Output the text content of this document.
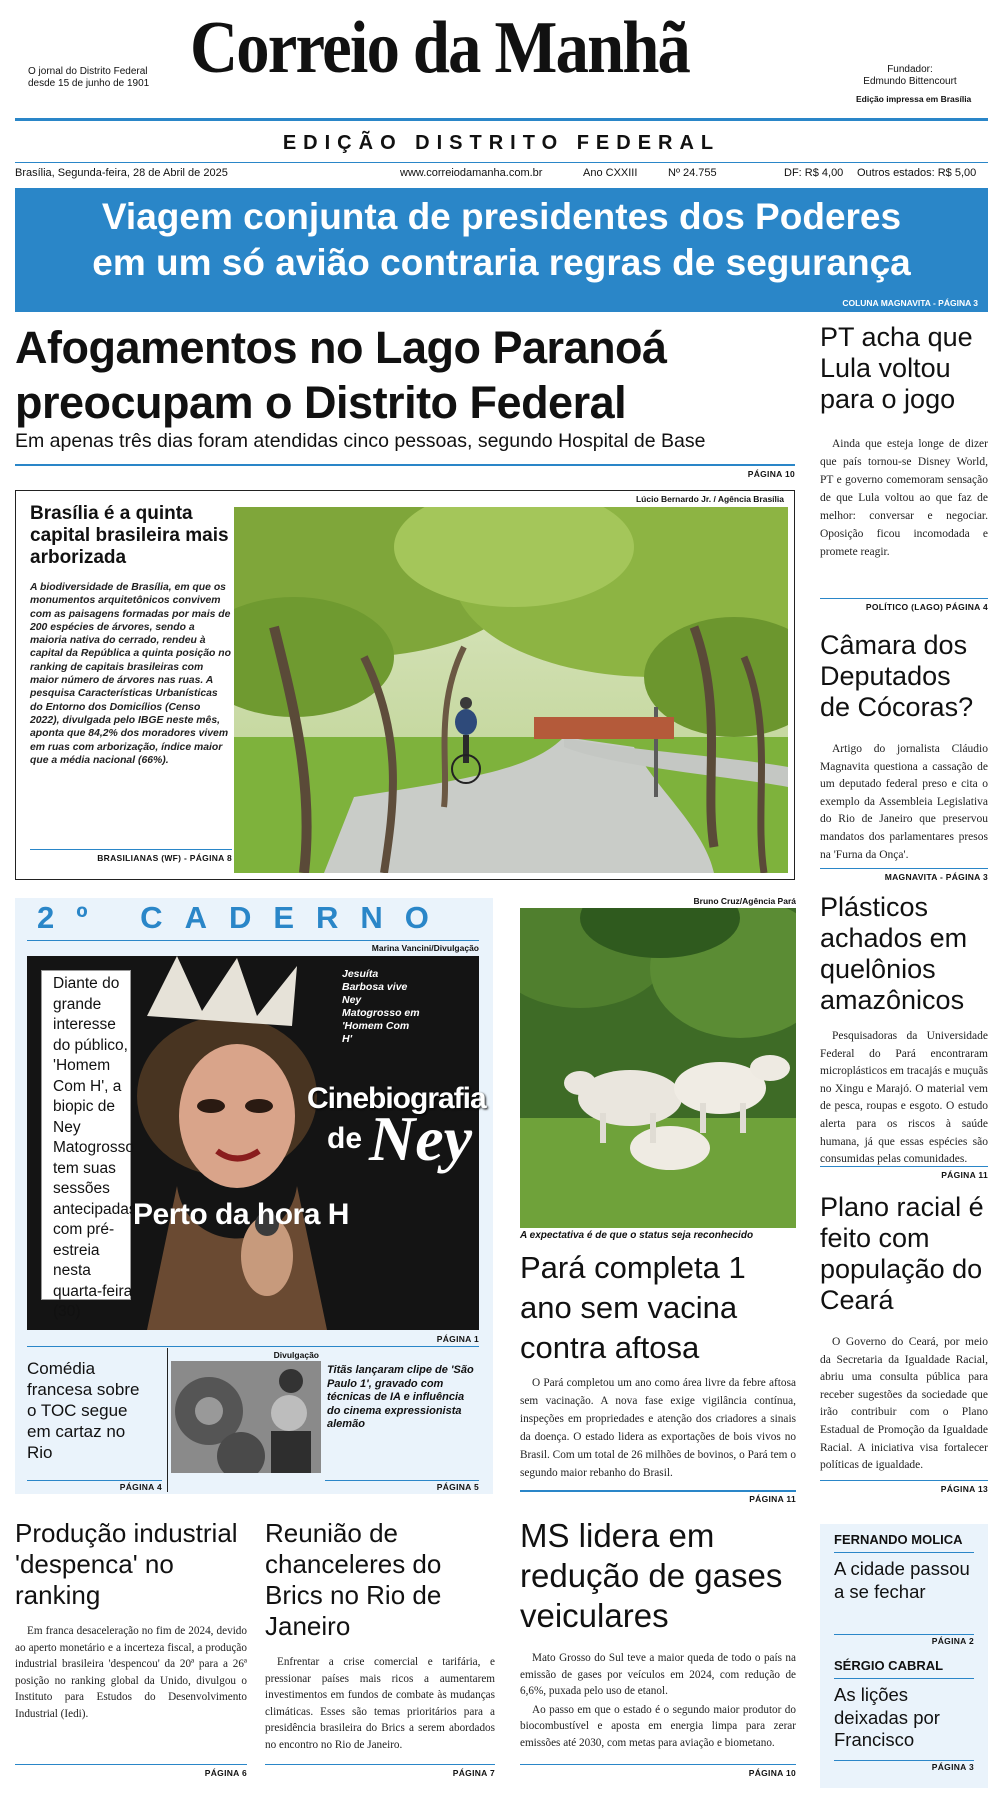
O jornal do Distrito Federal
desde 15 de junho de 1901 Correio da Manhã	Fundador:
Edmundo Bittencourt
Edição impressa em Brasília
EDIÇÃO DISTRITO FEDERAL
Brasília, Segunda-feira, 28 de Abril de 2025	www.correiodamanha.com.br	Ano CXXIII	Nº 24.755	DF: R$ 4,00 Outros estados: R$ 5,00
Viagem conjunta de presidentes dos Poderes
em um só avião contraria regras de segurança
COLUNA MAGNAVITA - PÁGINA 3
Afogamentos no Lago Paranoá
preocupam o Distrito Federal
Em apenas três dias foram atendidas cinco pessoas, segundo Hospital de Base
PÁGINA 10
Brasília é a quinta capital brasileira mais arborizada
A biodiversidade de Brasília, em que os monumentos arquitetônicos convivem com as paisagens formadas por mais de 200 espécies de árvores, sendo a maioria nativa do cerrado, rendeu à capital da República a quinta posição no ranking de capitais brasileiras com maior número de árvores nas ruas. A pesquisa Características Urbanísticas do Entorno dos Domicílios (Censo 2022), divulgada pelo IBGE neste mês, aponta que 84,2% dos moradores vivem em ruas com arborização, índice maior que a média nacional (66%).
BRASILIANAS (WF) - PÁGINA 8
Lúcio Bernardo Jr. / Agência Brasília
PT acha que Lula voltou para o jogo
Ainda que esteja longe de dizer que país tornou-se Disney World, PT e governo comemoram sensação de que Lula voltou ao que faz de melhor: conversar e negociar. Oposição ficou incomodada e promete reagir.
POLÍTICO (LAGO) PÁGINA 4
Câmara dos Deputados de Cócoras?
Artigo do jornalista Cláudio Magnavita questiona a cassação de um deputado federal preso e cita o exemplo da Assembleia Legislativa do Rio de Janeiro que preservou mandatos dos parlamentares presos na 'Furna da Onça'.
MAGNAVITA - PÁGINA 3
Plásticos achados em quelônios amazônicos
Pesquisadoras da Universidade Federal do Pará encontraram microplásticos em tracajás e muçuãs no Xingu e Marajó. O material vem de pesca, roupas e esgoto. O estudo alerta para os riscos à saúde humana, já que essas espécies são consumidas pelas comunidades.
PÁGINA 11
Plano racial é feito com população do Ceará
O Governo do Ceará, por meio da Secretaria da Igualdade Racial, abriu uma consulta pública para receber sugestões da sociedade que irão contribuir com o Plano Estadual de Promoção da Igualdade Racial. A iniciativa visa fortalecer políticas de igualdade.
PÁGINA 13
2º CADERNO
Marina Vancini/Divulgação
Diante do grande interesse do público, 'Homem Com H', a biopic de Ney Matogrosso tem suas sessões antecipadas com pré-estreia nesta quarta-feira (30)
Jesuíta Barbosa vive Ney Matogrosso em 'Homem Com H'
Cinebiografia
de Ney
Perto da hora H
PÁGINA 1
Comédia francesa sobre o TOC segue em cartaz no Rio
PÁGINA 4
Divulgação
Titãs lançaram clipe de 'São Paulo 1', gravado com técnicas de IA e influência do cinema expressionista alemão
PÁGINA 5
Bruno Cruz/Agência Pará
A expectativa é de que o status seja reconhecido
Pará completa 1 ano sem vacina contra aftosa
O Pará completou um ano como área livre da febre aftosa sem vacinação. A nova fase exige vigilância contínua, inspeções em propriedades e atenção dos criadores a sinais da doença. O estado lidera as exportações de bois vivos no Brasil. Com um total de 26 milhões de bovinos, o Pará tem o segundo maior rebanho do Brasil.
PÁGINA 11
Produção industrial 'despenca' no ranking
Em franca desaceleração no fim de 2024, devido ao aperto monetário e a incerteza fiscal, a produção industrial brasileira 'despencou' da 20ª para a 26ª posição no ranking global da Unido, divulgou o Instituto para Estudos do Desenvolvimento Industrial (Iedi).
PÁGINA 6
Reunião de chanceleres do Brics no Rio de Janeiro
Enfrentar a crise comercial e tarifária, e pressionar países mais ricos a aumentarem investimentos em fundos de combate às mudanças climáticas. Esses são temas prioritários para a presidência brasileira do Brics a serem abordados no encontro no Rio de Janeiro.
PÁGINA 7
MS lidera em redução de gases veiculares
Mato Grosso do Sul teve a maior queda de todo o país na emissão de gases por veículos em 2024, com redução de 6,6%, puxada pelo uso de etanol.
Ao passo em que o estado é o segundo maior produtor do biocombustível e aposta em energia limpa para zerar emissões até 2030, com metas para aviação e biometano.
PÁGINA 10
FERNANDO MOLICA
A cidade passou a se fechar
PÁGINA 2
SÉRGIO CABRAL
As lições deixadas por Francisco
PÁGINA 3
